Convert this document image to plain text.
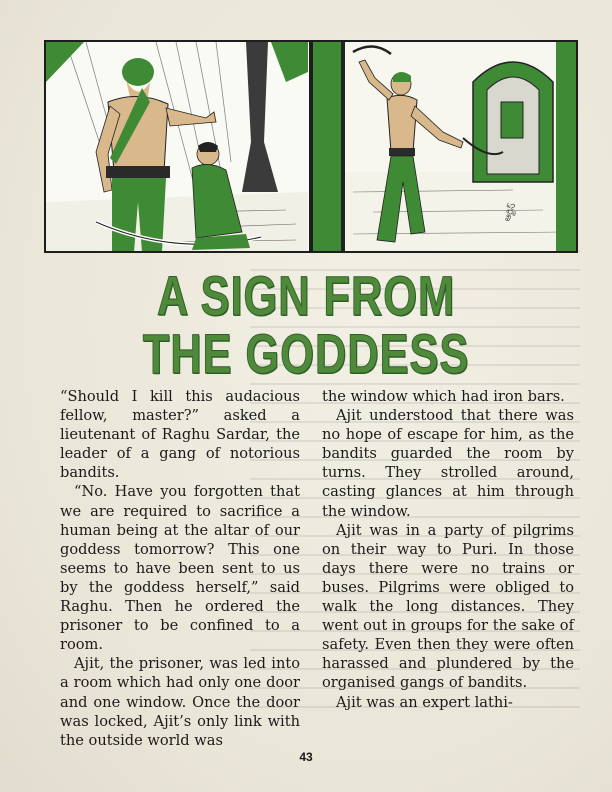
ఆర్టిస్
A SIGN FROM
THE GODDESS

“Should I kill this audacious fellow, master?” asked a lieutenant of Raghu Sardar, the leader of a gang of notorious bandits.

“No. Have you forgotten that we are required to sacrifice a human being at the altar of our goddess tomorrow? This one seems to have been sent to us by the goddess herself,” said Raghu. Then he ordered the prisoner to be confined to a room.

Ajit, the prisoner, was led into a room which had only one door and one window. Once the door was locked, Ajit’s only link with the outside world was

the window which had iron bars.

Ajit understood that there was no hope of escape for him, as the bandits guarded the room by turns. They strolled around, casting glances at him through the window.

Ajit was in a party of pilgrims on their way to Puri. In those days there were no trains or buses. Pilgrims were obliged to walk the long distances. They went out in groups for the sake of safety. Even then they were often harassed and plundered by the organised gangs of bandits.

Ajit was an expert lathi-

43
